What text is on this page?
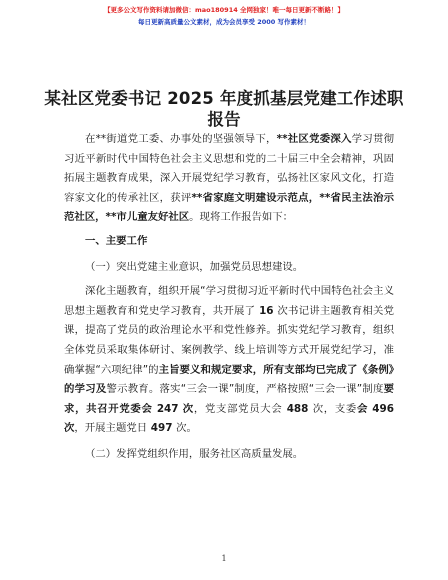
【更多公文写作资料请加微信：mao180914 全网独家！唯一每日更新不断路！】
每日更新高质量公文素材，成为会员享受 2000 写作素材！
某社区党委书记 2025 年度抓基层党建工作述职
报告

在**街道党工委、办事处的坚强领导下，**社区党委深入学习贯彻习近平新时代中国特色社会主义思想和党的二十届三中全会精神，巩固拓展主题教育成果，深入开展党纪学习教育，弘扬社区家风文化，打造容家文化的传承社区，获评**省家庭文明建设示范点，**省民主法治示范社区，**市儿童友好社区。现将工作报告如下：

一、主要工作

（一）突出党建主业意识，加强党员思想建设。

深化主题教育，组织开展“学习贯彻习近平新时代中国特色社会主义思想主题教育和党史学习教育，共开展了 16 次书记讲主题教育相关党课，提高了党员的政治理论水平和党性修养。抓实党纪学习教育，组织全体党员采取集体研讨、案例教学、线上培训等方式开展党纪学习，准确掌握“六项纪律”的主旨要义和规定要求，所有支部均已完成了《条例》的学习及警示教育。落实“三会一课”制度，严格按照“三会一课”制度要求，共召开党委会 247 次，党支部党员大会 488 次，支委会 496 次，开展主题党日 497 次。

（二）发挥党组织作用，服务社区高质量发展。

1
